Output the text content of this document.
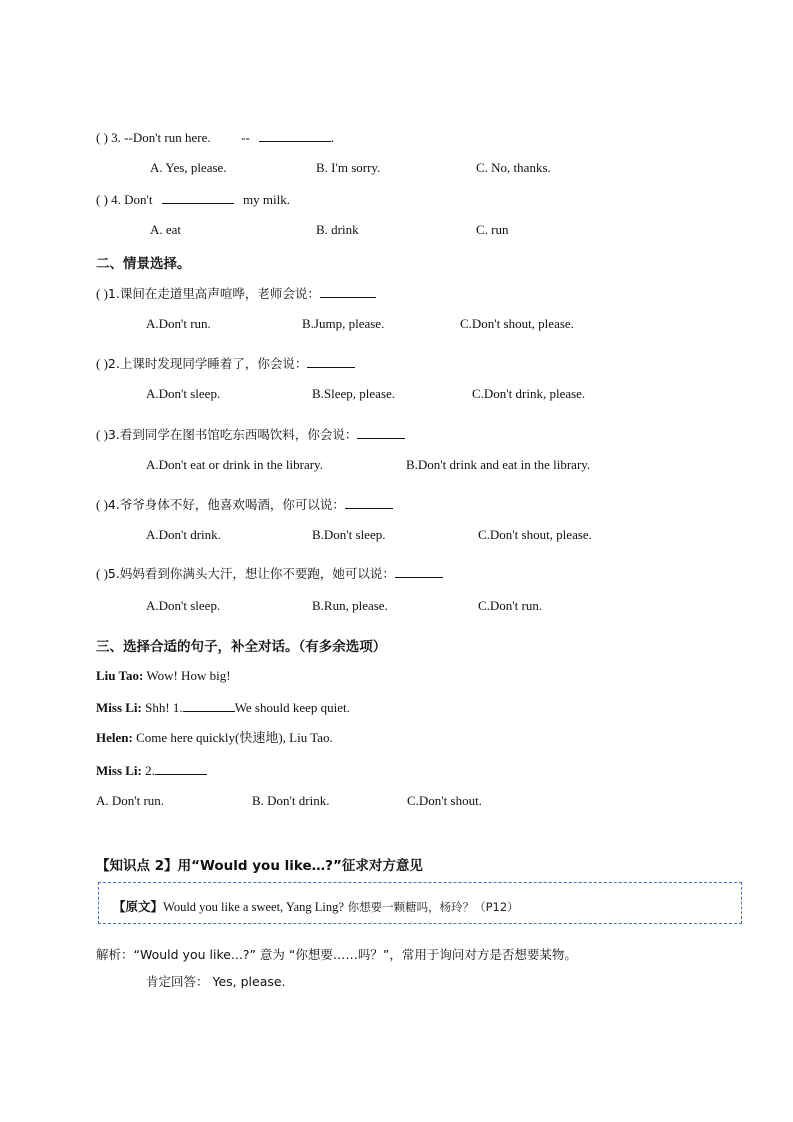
( ) 3. --Don't run here. --	.
A. Yes, please.	B. I'm sorry.	C. No, thanks.
( ) 4. Don't	my milk.
A. eat	B. drink	C. run
二、情景选择。
( )1.课间在走道里高声喧哗，老师会说：
A.Don't run.	B.Jump, please.	C.Don't shout, please.
( )2.上课时发现同学睡着了，你会说：
A.Don't sleep.	B.Sleep, please.	C.Don't drink, please.
( )3.看到同学在图书馆吃东西喝饮料，你会说：
A.Don't eat or drink in the library.	B.Don't drink and eat in the library.
( )4.爷爷身体不好，他喜欢喝酒，你可以说：
A.Don't drink.	B.Don't sleep.	C.Don't shout, please.
( )5.妈妈看到你满头大汗，想让你不要跑，她可以说：
A.Don't sleep.	B.Run, please.	C.Don't run.
三、选择合适的句子，补全对话。（有多余选项）
Liu Tao: Wow! How big!
Miss Li: Shh! 1.	We should keep quiet.
Helen: Come here quickly(快速地), Liu Tao.
Miss Li: 2.
A. Don't run.	B. Don't drink.	C.Don't shout.
【知识点 2】用“Would you like…?”征求对方意见
【原文】Would you like a sweet, Yang Ling? 你想要一颗糖吗，杨玲？（P12）
解析：“Would you like...?” 意为 “你想要……吗？”，常用于询问对方是否想要某物。
肯定回答： Yes, please.
